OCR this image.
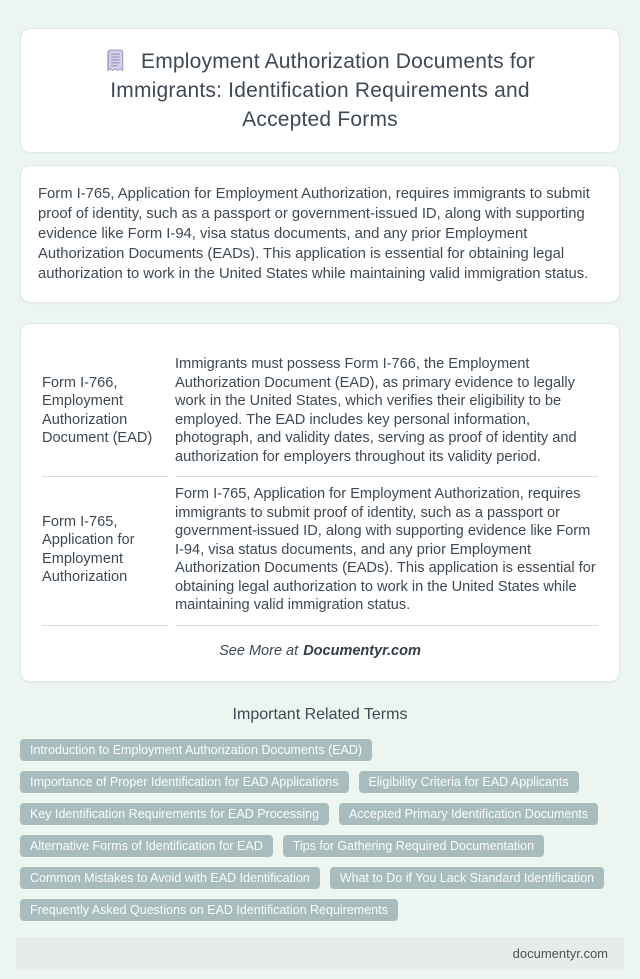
Employment Authorization Documents for Immigrants: Identification Requirements and Accepted Forms

Form I-765, Application for Employment Authorization, requires immigrants to submit proof of identity, such as a passport or government-issued ID, along with supporting evidence like Form I-94, visa status documents, and any prior Employment Authorization Documents (EADs). This application is essential for obtaining legal authorization to work in the United States while maintaining valid immigration status.

Form I-766, Employment Authorization Document (EAD)	Immigrants must possess Form I-766, the Employment Authorization Document (EAD), as primary evidence to legally work in the United States, which verifies their eligibility to be employed. The EAD includes key personal information, photograph, and validity dates, serving as proof of identity and authorization for employers throughout its validity period.
Form I-765, Application for Employment Authorization	Form I-765, Application for Employment Authorization, requires immigrants to submit proof of identity, such as a passport or government-issued ID, along with supporting evidence like Form I-94, visa status documents, and any prior Employment Authorization Documents (EADs). This application is essential for obtaining legal authorization to work in the United States while maintaining valid immigration status.

See More at Documentyr.com

Important Related Terms
Introduction to Employment Authorization Documents (EAD)
Importance of Proper Identification for EAD Applications	Eligibility Criteria for EAD Applicants
Key Identification Requirements for EAD Processing	Accepted Primary Identification Documents
Alternative Forms of Identification for EAD	Tips for Gathering Required Documentation
Common Mistakes to Avoid with EAD Identification	What to Do if You Lack Standard Identification
Frequently Asked Questions on EAD Identification Requirements
documentyr.com
